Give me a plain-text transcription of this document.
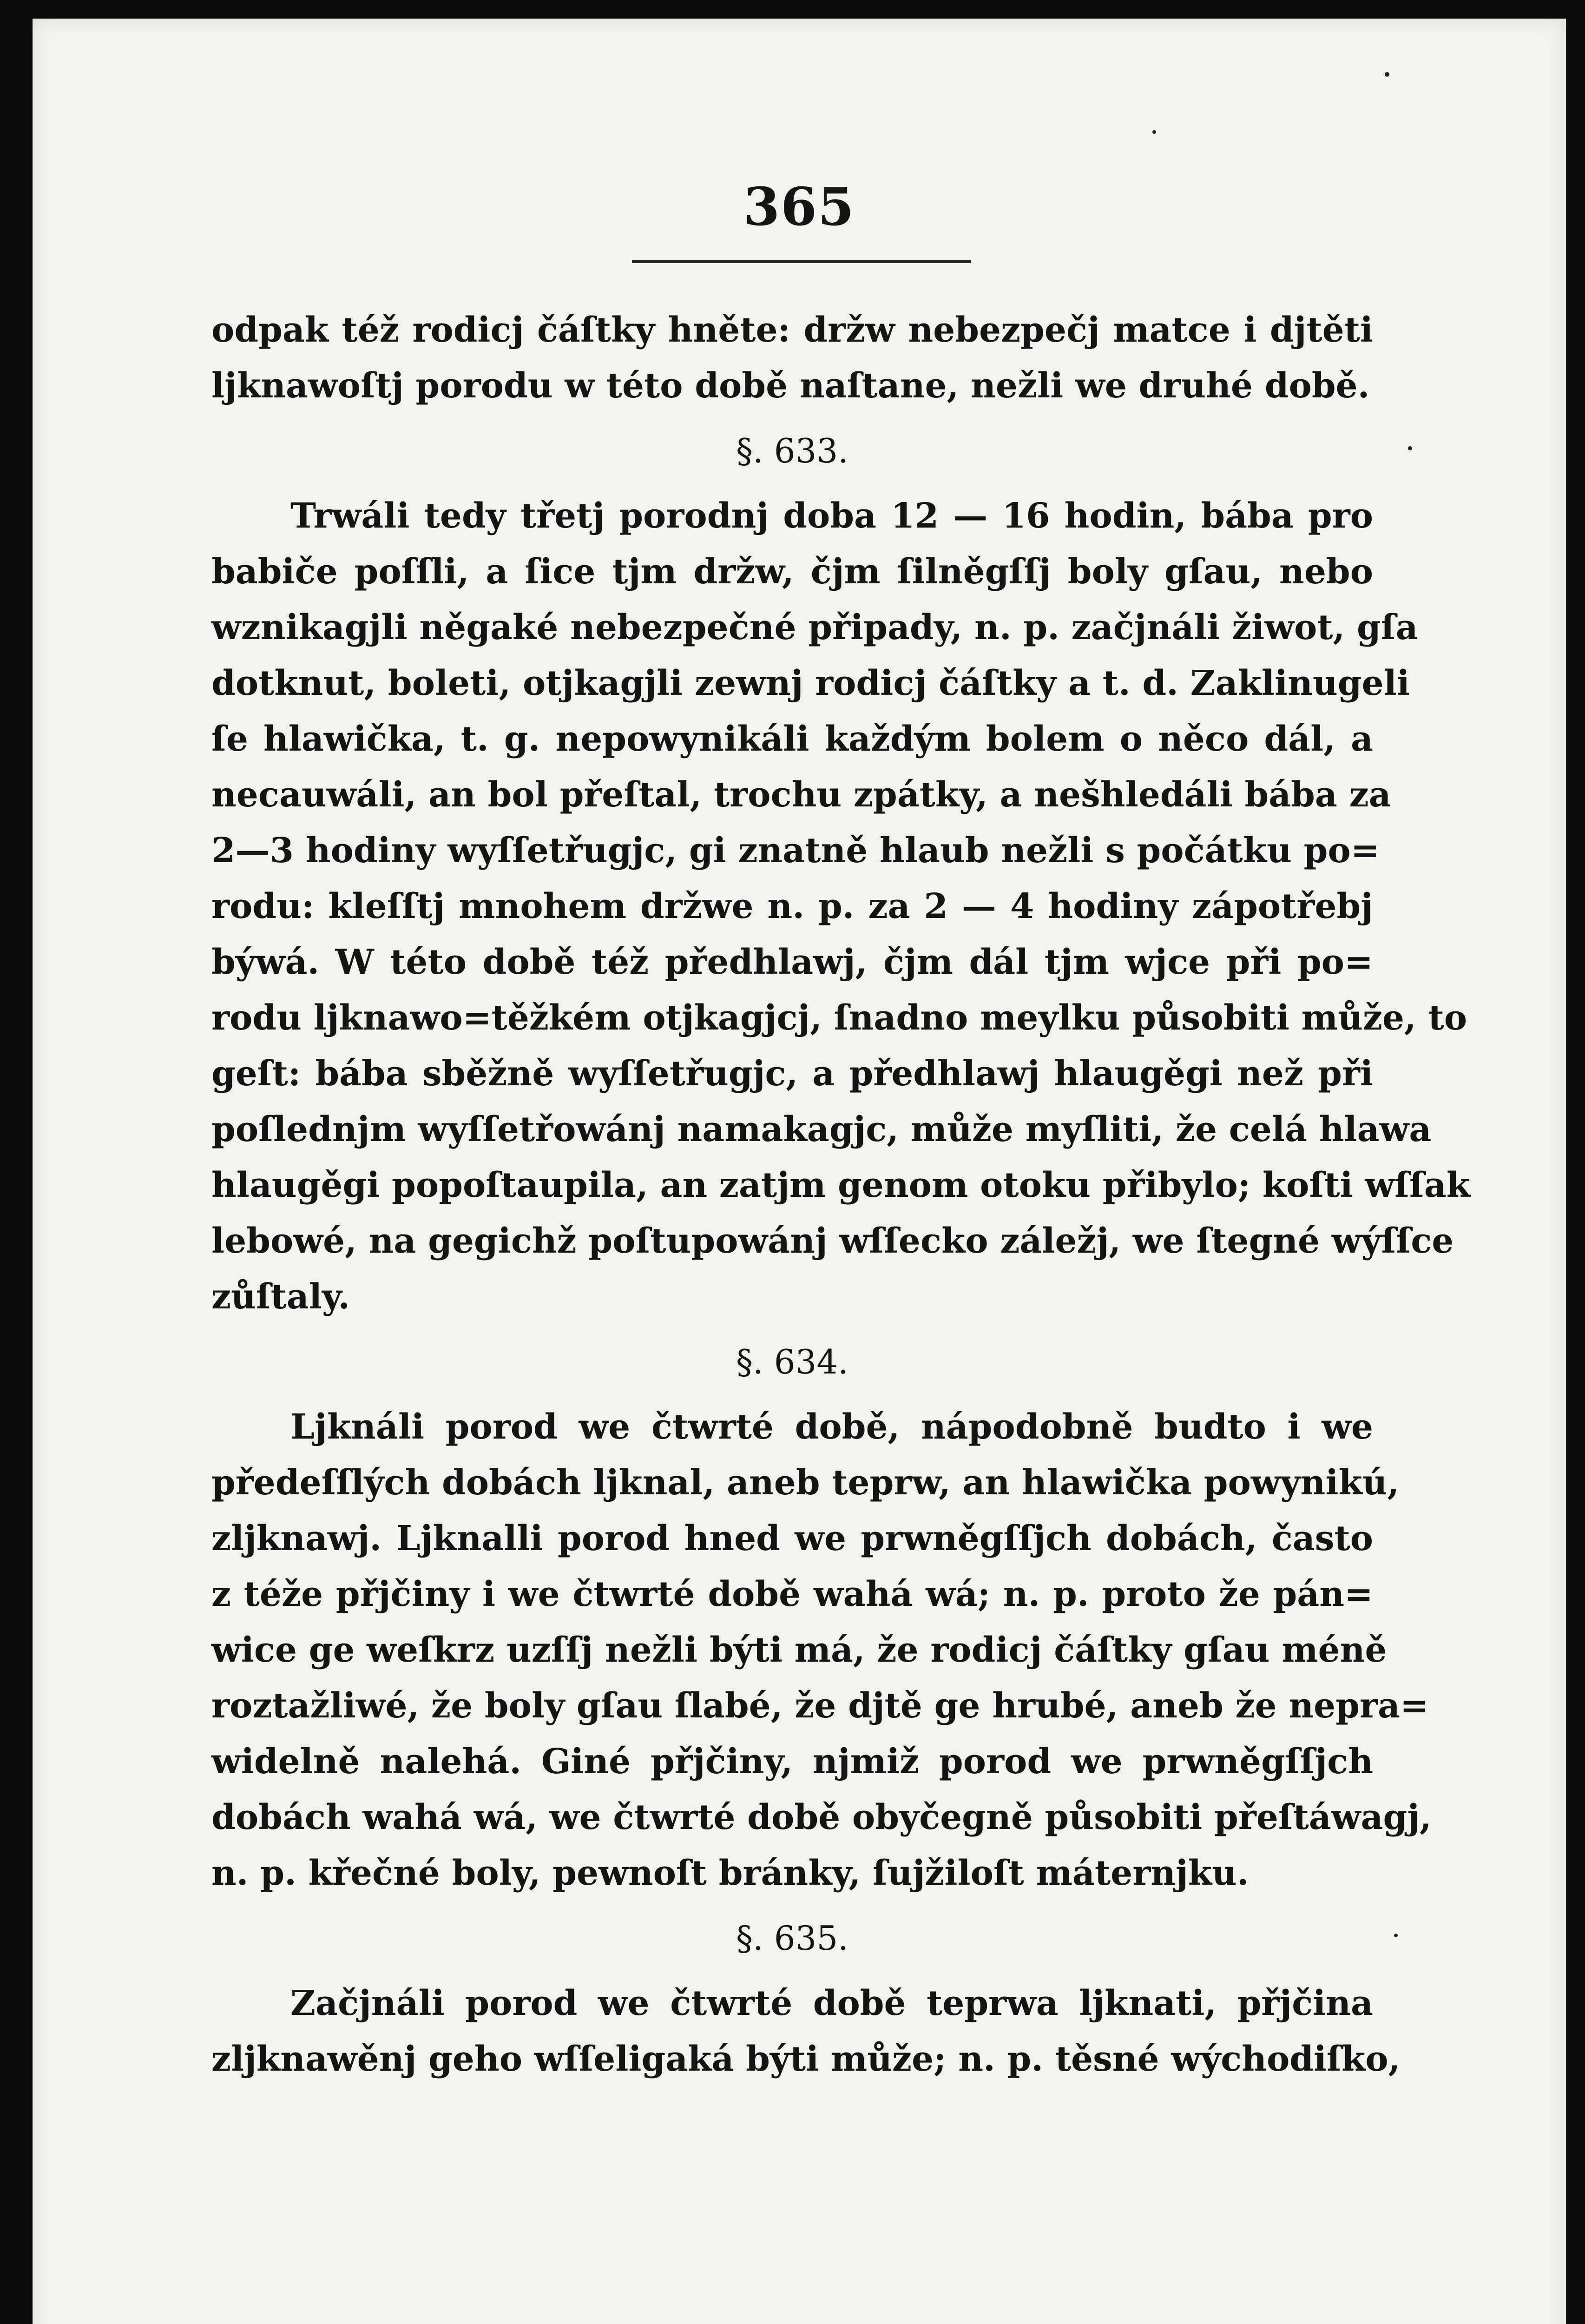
365
odpak též rodicj čáſtky hněte: držw nebezpečj matce i djtěti
ljknawoſtj porodu w této době naſtane, nežli we druhé době.
§. 633.
Trwáli tedy třetj porodnj doba 12 — 16 hodin, bába pro
babiče poſſli, a ſice tjm držw, čjm ſilněgſſj boly gſau, nebo
wznikagjli něgaké nebezpečné připady, n. p. začjnáli žiwot, gſa
dotknut, boleti, otjkagjli zewnj rodicj čáſtky a t. d. Zaklinugeli
ſe hlawička, t. g. nepowynikáli každým bolem o něco dál, a
necauwáli, an bol přeſtal, trochu zpátky, a nešhledáli bába za
2—3 hodiny wyſſetřugjc, gi znatně hlaub nežli s počátku po=
rodu: kleſſtj mnohem držwe n. p. za 2 — 4 hodiny zápotřebj
býwá. W této době též předhlawj, čjm dál tjm wjce při po=
rodu ljknawo=těžkém otjkagjcj, ſnadno meylku působiti může, to
geſt: bába sběžně wyſſetřugjc, a předhlawj hlaugěgi než při
poſlednjm wyſſetřowánj namakagjc, může myſliti, že celá hlawa
hlaugěgi popoſtaupila, an zatjm genom otoku přibylo; koſti wſſak
lebowé, na gegichž poſtupowánj wſſecko záležj, we ſtegné wýſſce
zůſtaly.
§. 634.
Ljknáli porod we čtwrté době, nápodobně budto i we
předeſſlých dobách ljknal, aneb teprw, an hlawička powynikú,
zljknawj. Ljknalli porod hned we prwněgſſjch dobách, často
z téže přjčiny i we čtwrté době wahá wá; n. p. proto že pán=
wice ge weſkrz uzſſj nežli býti má, že rodicj čáſtky gſau méně
roztažliwé, že boly gſau ſlabé, že djtě ge hrubé, aneb že nepra=
widelně nalehá. Giné přjčiny, njmiž porod we prwněgſſjch
dobách wahá wá, we čtwrté době obyčegně působiti přeſtáwagj,
n. p. křečné boly, pewnoſt bránky, ſujžiloſt máternjku.
§. 635.
Začjnáli porod we čtwrté době teprwa ljknati, přjčina
zljknawěnj geho wſſeligaká býti může; n. p. těsné wýchodiſko,
